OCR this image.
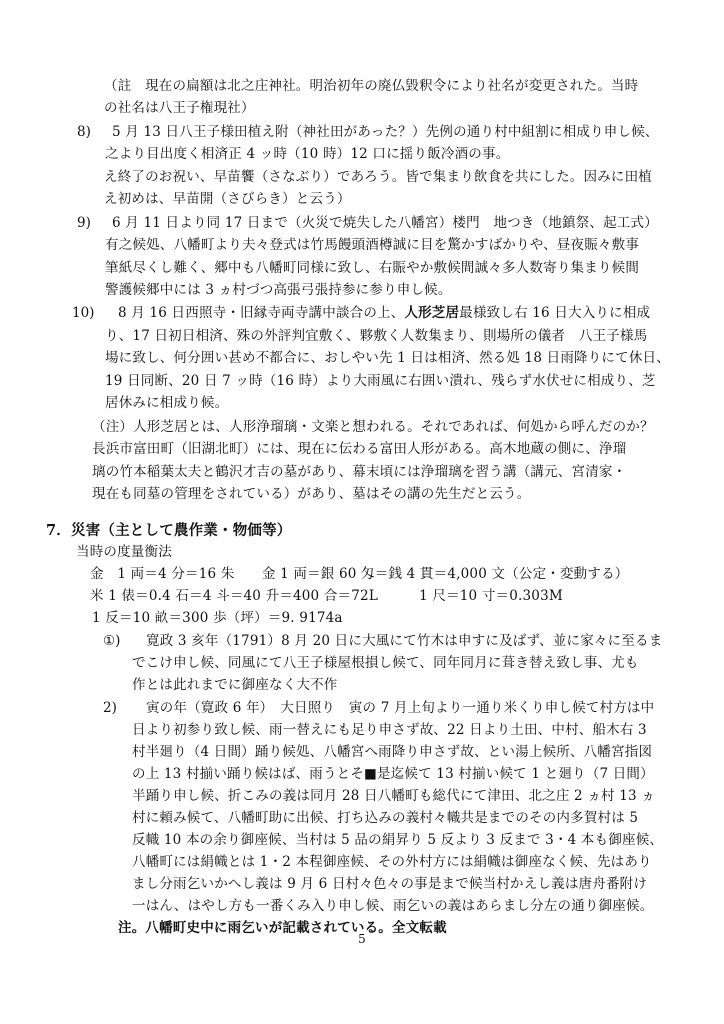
（註　現在の扁額は北之庄神社。明治初年の廃仏毀釈令により社名が変更された。当時
の社名は八王子権現社）
8) 5 月 13 日八王子様田植え附（神社田があった？）先例の通り村中組割に相成り申し候、
之より目出度く相済正 4 ッ時（10 時）12 口に揺り飯冷酒の事。
え終了のお祝い、早苗饗（さなぶり）であろう。皆で集まり飲食を共にした。因みに田植
え初めは、早苗開（さびらき）と云う）
9) 6 月 11 日より同 17 日まで（火災で焼失した八幡宮）楼門　地つき（地鎮祭、起工式）
有之候処、八幡町より夫々登式は竹馬饅頭酒樽誠に目を驚かすばかりや、昼夜賑々敷事
筆紙尽くし難く、郷中も八幡町同様に致し、右賑やか敷候間誠々多人数寄り集まり候間
警護候郷中には 3 ヵ村づつ高張弓張持参に参り申し候。
10) 8 月 16 日西照寺・旧縁寺両寺講中談合の上、人形芝居最様致し右 16 日大入りに相成
り、17 日初日相済、殊の外評判宜敷く、夥敷く人数集まり、則場所の儀者　八王子様馬
場に致し、何分囲い甚め不都合に、おしやい先 1 日は相済、然る処 18 日雨降りにて休日、
19 日同断、20 日 7 ッ時（16 時）より大雨風に右囲い潰れ、残らず水伏せに相成り、芝
居休みに相成り候。
（注）人形芝居とは、人形浄瑠璃・文楽と想われる。それであれば、何処から呼んだのか？
長浜市富田町（旧湖北町）には、現在に伝わる富田人形がある。高木地蔵の側に、浄瑠
璃の竹本稲葉太夫と鶴沢才吉の墓があり、幕末頃には浄瑠璃を習う講（講元、宮清家・
現在も同墓の管理をされている）があり、墓はその講の先生だと云う。
7．災害（主として農作業・物価等）
当時の度量衡法
金　1 両＝4 分＝16 朱　　金 1 両＝銀 60 匁＝銭 4 貫＝4,000 文（公定・変動する）
米 1 俵＝0.4 石＝4 斗＝40 升＝400 合＝72L　　　1 尺＝10 寸＝0.303M
1 反＝10 畝＝300 歩（坪）＝9. 9174a
①) 寛政 3 亥年（1791）8 月 20 日に大風にて竹木は申すに及ばず、並に家々に至るま
でこけ申し候、同風にて八王子様屋根損し候て、同年同月に葺き替え致し事、尤も
作とは此れまでに御座なく大不作
2) 寅の年（寛政 6 年）　大日照り　寅の 7 月上旬より一通り米くり申し候て村方は中
日より初参り致し候、雨一替えにも足り申さず故、22 日より土田、中村、船木右 3
村半廻り（4 日間）踊り候処、八幡宮へ雨降り申さず故、とい湯上候所、八幡宮指図
の上 13 村揃い踊り候はば、雨うとそ■是迄候て 13 村揃い候て 1 と廻り（7 日間）
半踊り申し候、折こみの義は同月 28 日八幡町も総代にて津田、北之庄 2 ヵ村 13 ヵ
村に頼み候て、八幡町助に出候、打ち込みの義村々幟共是までのその内多賀村は 5
反幟 10 本の余り御座候、当村は 5 品の絹昇り 5 反より 3 反まで 3・4 本も御座候、
八幡町には絹幟とは 1・2 本程御座候、その外村方には絹幟は御座なく候、先はあり
まし分雨乞いかへし義は 9 月 6 日村々色々の事是まで候当村かえし義は唐舟番附け
一はん、はやし方も一番くみ入り申し候、雨乞いの義はあらまし分左の通り御座候。
注。八幡町史中に雨乞いが記載されている。全文転載
5
